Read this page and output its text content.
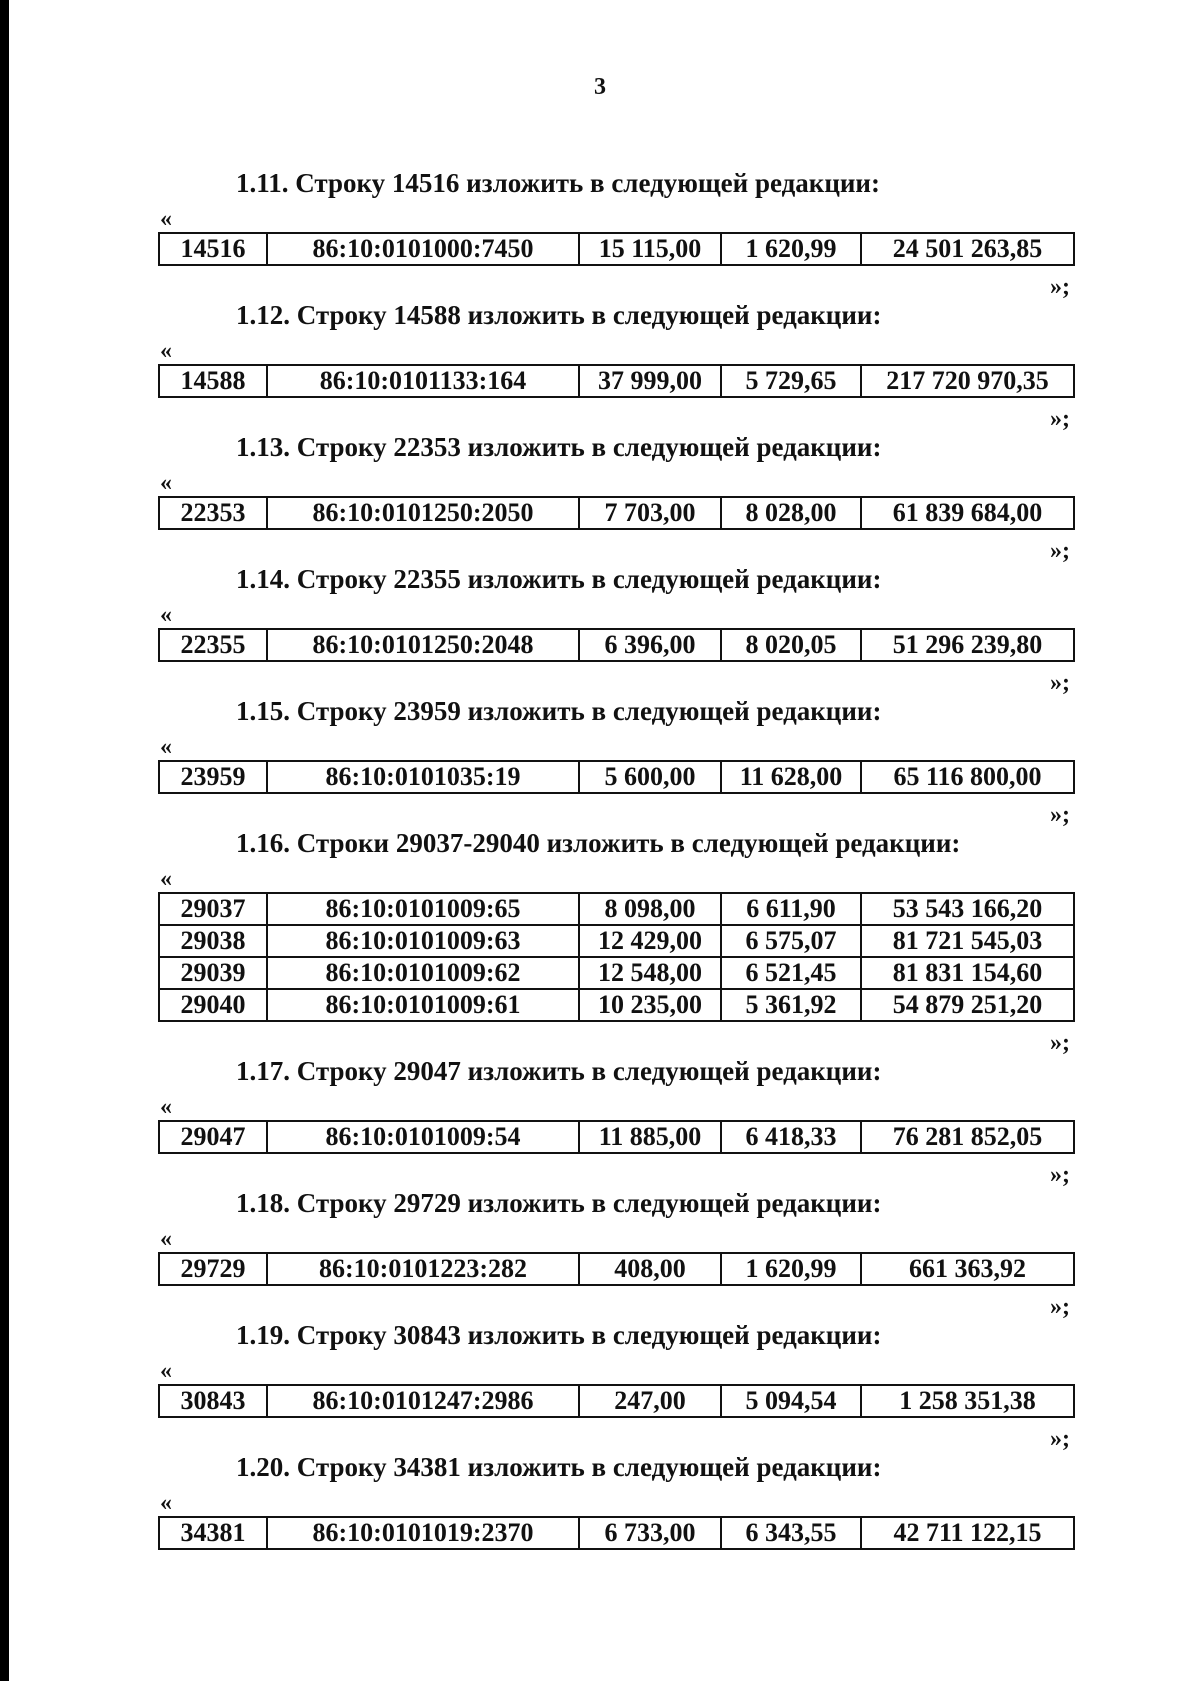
3
1.11. Строку 14516 изложить в следующей редакции:
«
14516	86:10:0101000:7450	15 115,00	1 620,99	24 501 263,85
»;
1.12. Строку 14588 изложить в следующей редакции:
«
14588	86:10:0101133:164	37 999,00	5 729,65	217 720 970,35
»;
1.13. Строку 22353 изложить в следующей редакции:
«
22353	86:10:0101250:2050	7 703,00	8 028,00	61 839 684,00
»;
1.14. Строку 22355 изложить в следующей редакции:
«
22355	86:10:0101250:2048	6 396,00	8 020,05	51 296 239,80
»;
1.15. Строку 23959 изложить в следующей редакции:
«
23959	86:10:0101035:19	5 600,00	11 628,00	65 116 800,00
»;
1.16. Строки 29037-29040 изложить в следующей редакции:
«
29037	86:10:0101009:65	8 098,00	6 611,90	53 543 166,20
29038	86:10:0101009:63	12 429,00	6 575,07	81 721 545,03
29039	86:10:0101009:62	12 548,00	6 521,45	81 831 154,60
29040	86:10:0101009:61	10 235,00	5 361,92	54 879 251,20
»;
1.17. Строку 29047 изложить в следующей редакции:
«
29047	86:10:0101009:54	11 885,00	6 418,33	76 281 852,05
»;
1.18. Строку 29729 изложить в следующей редакции:
«
29729	86:10:0101223:282	408,00	1 620,99	661 363,92
»;
1.19. Строку 30843 изложить в следующей редакции:
«
30843	86:10:0101247:2986	247,00	5 094,54	1 258 351,38
»;
1.20. Строку 34381 изложить в следующей редакции:
«
34381	86:10:0101019:2370	6 733,00	6 343,55	42 711 122,15
